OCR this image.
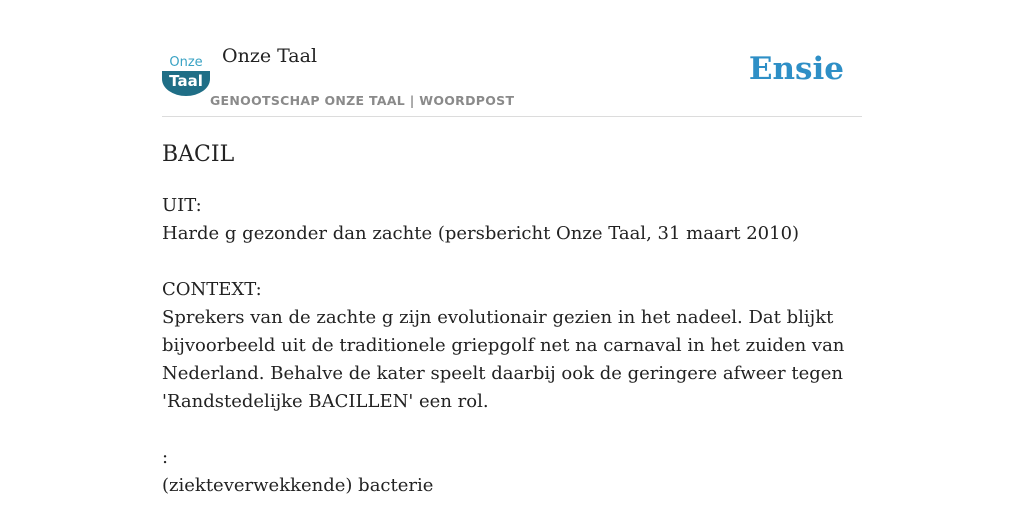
Onze
Taal
Onze Taal
GENOOTSCHAP ONZE TAAL | WOORDPOST
Ensie
BACIL

UIT:
Harde g gezonder dan zachte (persbericht Onze Taal, 31 maart 2010)

CONTEXT:
Sprekers van de zachte g zijn evolutionair gezien in het nadeel. Dat blijkt
bijvoorbeeld uit de traditionele griepgolf net na carnaval in het zuiden van
Nederland. Behalve de kater speelt daarbij ook de geringere afweer tegen
'Randstedelijke BACILLEN' een rol.

:
(ziekteverwekkende) bacterie
